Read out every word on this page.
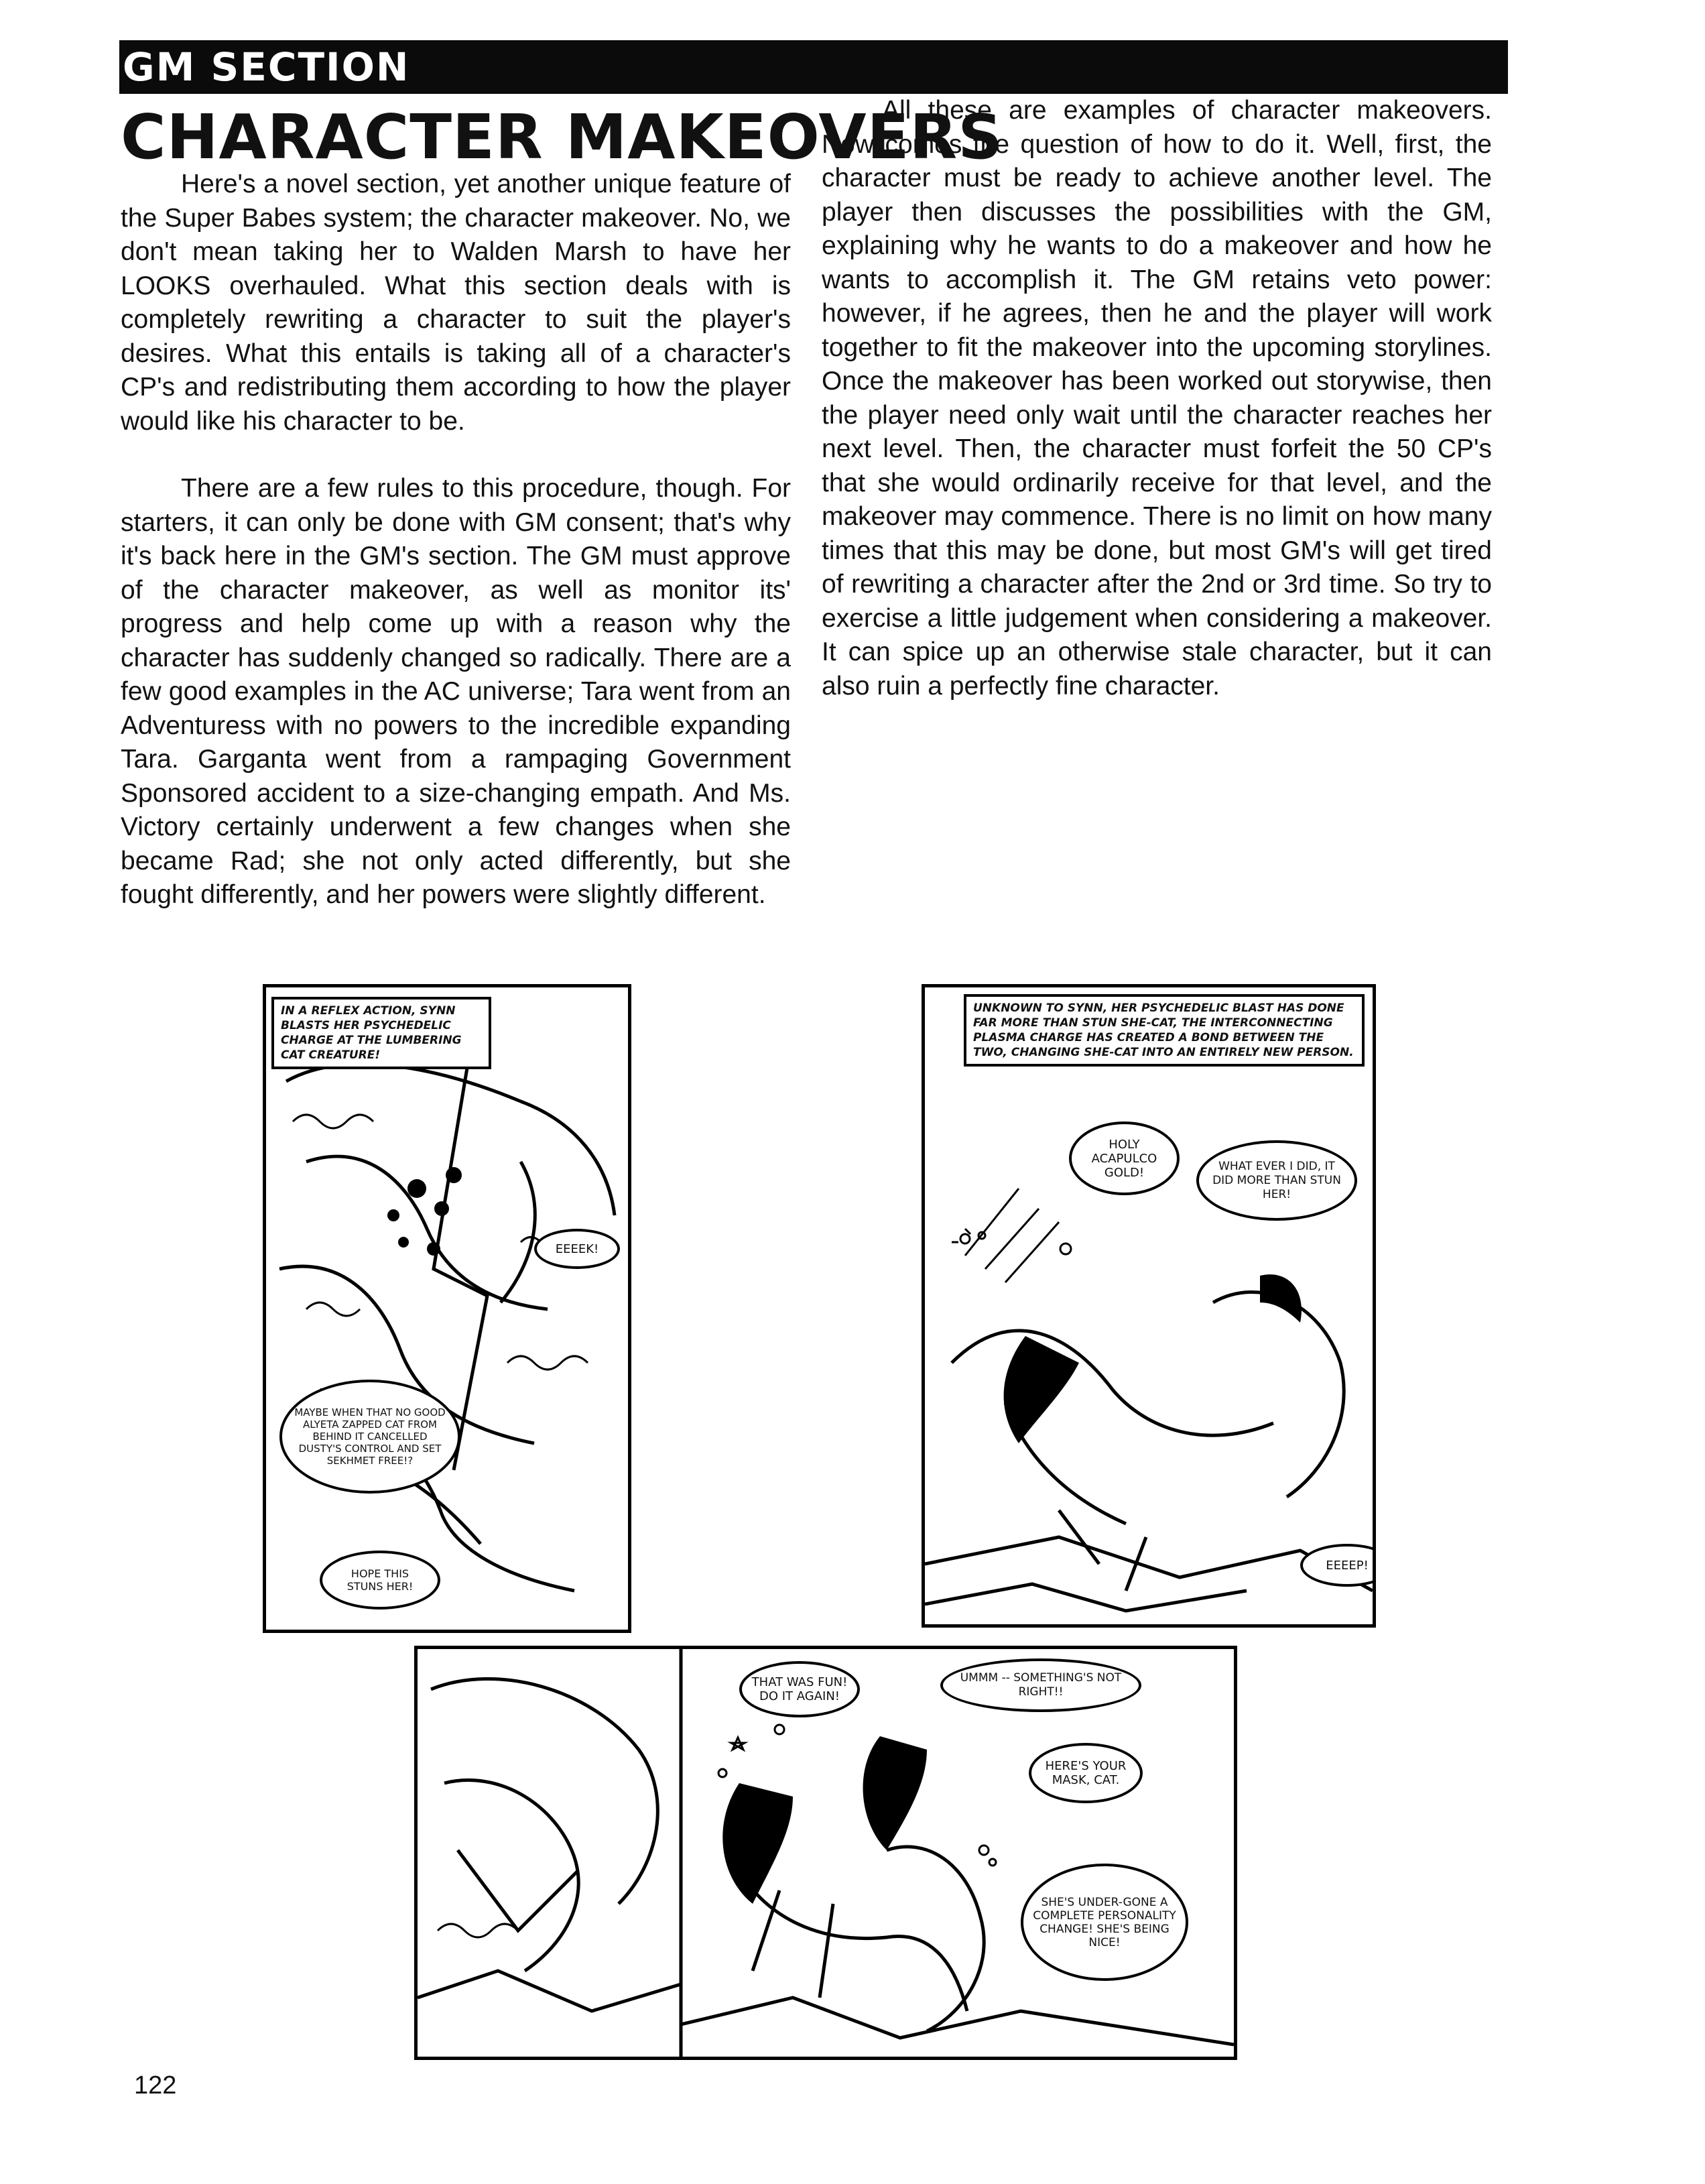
GM SECTION
CHARACTER MAKEOVERS

Here's a novel section, yet another unique feature of the Super Babes system; the character makeover. No, we don't mean taking her to Walden Marsh to have her LOOKS overhauled. What this section deals with is completely rewriting a character to suit the player's desires. What this entails is taking all of a character's CP's and redistributing them according to how the player would like his character to be.

There are a few rules to this procedure, though. For starters, it can only be done with GM consent; that's why it's back here in the GM's section. The GM must approve of the character makeover, as well as monitor its' progress and help come up with a reason why the character has suddenly changed so radically. There are a few good examples in the AC universe; Tara went from an Adventuress with no powers to the incredible expanding Tara. Garganta went from a rampaging Government Sponsored accident to a size-changing empath. And Ms. Victory certainly underwent a few changes when she became Rad; she not only acted differently, but she fought differently, and her powers were slightly different.

All these are examples of character makeovers. Now comes the question of how to do it. Well, first, the character must be ready to achieve another level. The player then discusses the possibilities with the GM, explaining why he wants to do a makeover and how he wants to accomplish it. The GM retains veto power: however, if he agrees, then he and the player will work together to fit the makeover into the upcoming storylines. Once the makeover has been worked out storywise, then the player need only wait until the character reaches her next level. Then, the character must forfeit the 50 CP's that she would ordinarily receive for that level, and the makeover may commence. There is no limit on how many times that this may be done, but most GM's will get tired of rewriting a character after the 2nd or 3rd time. So try to exercise a little judgement when considering a makeover. It can spice up an otherwise stale character, but it can also ruin a perfectly fine character.

IN A REFLEX ACTION, SYNN BLASTS HER PSYCHEDELIC CHARGE AT THE LUMBERING CAT CREATURE!
EEEEK!
MAYBE WHEN THAT NO GOOD ALYETA ZAPPED CAT FROM BEHIND IT CANCELLED DUSTY'S CONTROL AND SET SEKHMET FREE!?
HOPE THIS STUNS HER!
UNKNOWN TO SYNN, HER PSYCHEDELIC BLAST HAS DONE FAR MORE THAN STUN SHE-CAT, THE INTERCONNECTING PLASMA CHARGE HAS CREATED A BOND BETWEEN THE TWO, CHANGING SHE-CAT INTO AN ENTIRELY NEW PERSON.
HOLY ACAPULCO GOLD!	WHAT EVER I DID, IT DID MORE THAN STUN HER!
EEEEP!
THAT WAS FUN! DO IT AGAIN!
UMMM -- SOMETHING'S NOT RIGHT!!
HERE'S YOUR MASK, CAT.
SHE'S UNDER-GONE A COMPLETE PERSONALITY CHANGE! SHE'S BEING NICE!
122
